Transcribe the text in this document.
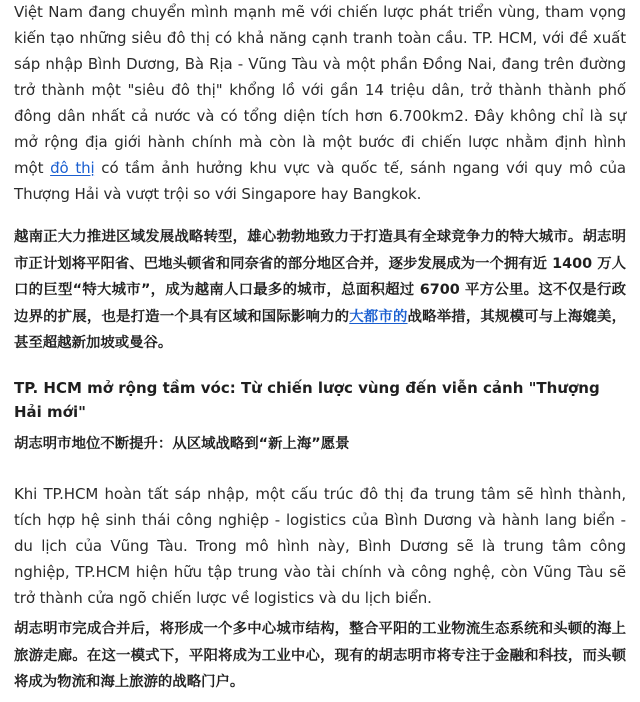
Việt Nam đang chuyển mình mạnh mẽ với chiến lược phát triển vùng, tham vọng kiến tạo những siêu đô thị có khả năng cạnh tranh toàn cầu. TP. HCM, với đề xuất sáp nhập Bình Dương, Bà Rịa - Vũng Tàu và một phần Đồng Nai, đang trên đường trở thành một "siêu đô thị" khổng lồ với gần 14 triệu dân, trở thành thành phố đông dân nhất cả nước và có tổng diện tích hơn 6.700km2. Đây không chỉ là sự mở rộng địa giới hành chính mà còn là một bước đi chiến lược nhằm định hình một đô thị có tầm ảnh hưởng khu vực và quốc tế, sánh ngang với quy mô của Thượng Hải và vượt trội so với Singapore hay Bangkok.

越南正大力推进区域发展战略转型，雄心勃勃地致力于打造具有全球竞争力的特大城市。胡志明市正计划将平阳省、巴地头顿省和同奈省的部分地区合并，逐步发展成为一个拥有近 1400 万人口的巨型“特大城市”，成为越南人口最多的城市，总面积超过 6700 平方公里。这不仅是行政边界的扩展，也是打造一个具有区域和国际影响力的大都市的战略举措，其规模可与上海媲美，甚至超越新加坡或曼谷。

TP. HCM mở rộng tầm vóc: Từ chiến lược vùng đến viễn cảnh "Thượng Hải mới"
胡志明市地位不断提升：从区域战略到“新上海”愿景

Khi TP.HCM hoàn tất sáp nhập, một cấu trúc đô thị đa trung tâm sẽ hình thành, tích hợp hệ sinh thái công nghiệp - logistics của Bình Dương và hành lang biển - du lịch của Vũng Tàu. Trong mô hình này, Bình Dương sẽ là trung tâm công nghiệp, TP.HCM hiện hữu tập trung vào tài chính và công nghệ, còn Vũng Tàu sẽ trở thành cửa ngõ chiến lược về logistics và du lịch biển.

胡志明市完成合并后，将形成一个多中心城市结构，整合平阳的工业物流生态系统和头顿的海上旅游走廊。在这一模式下，平阳将成为工业中心，现有的胡志明市将专注于金融和科技，而头顿将成为物流和海上旅游的战略门户。
